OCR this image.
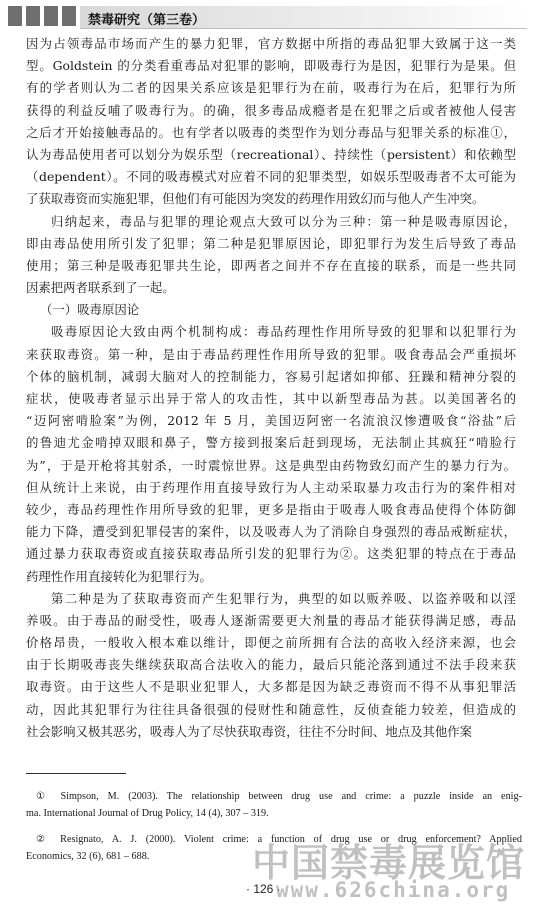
禁毒研究（第三卷）
因为占领毒品市场而产生的暴力犯罪，官方数据中所指的毒品犯罪大致属于这一类
型。Goldstein 的分类看重毒品对犯罪的影响，即吸毒行为是因，犯罪行为是果。但
有的学者则认为二者的因果关系应该是犯罪行为在前，吸毒行为在后，犯罪行为所
获得的利益反哺了吸毒行为。的确，很多毒品成瘾者是在犯罪之后或者被他人侵害
之后才开始接触毒品的。也有学者以吸毒的类型作为划分毒品与犯罪关系的标准①，
认为毒品使用者可以划分为娱乐型（recreational）、持续性（persistent）和依赖型
（dependent）。不同的吸毒模式对应着不同的犯罪类型，如娱乐型吸毒者不太可能为
了获取毒资而实施犯罪，但他们有可能因为突发的药理作用致幻而与他人产生冲突。
归纳起来，毒品与犯罪的理论观点大致可以分为三种：第一种是吸毒原因论，
即由毒品使用所引发了犯罪；第二种是犯罪原因论，即犯罪行为发生后导致了毒品
使用；第三种是吸毒犯罪共生论，即两者之间并不存在直接的联系，而是一些共同
因素把两者联系到了一起。
（一）吸毒原因论
吸毒原因论大致由两个机制构成：毒品药理性作用所导致的犯罪和以犯罪行为
来获取毒资。第一种，是由于毒品药理性作用所导致的犯罪。吸食毒品会严重损坏
个体的脑机制，减弱大脑对人的控制能力，容易引起诸如抑郁、狂躁和精神分裂的
症状，使吸毒者显示出异于常人的攻击性，其中以新型毒品为甚。以美国著名的
“迈阿密啃脸案”为例，2012 年 5 月，美国迈阿密一名流浪汉惨遭吸食“浴盐”后
的鲁迪尤金啃掉双眼和鼻子，警方接到报案后赶到现场，无法制止其疯狂“啃脸行
为”，于是开枪将其射杀，一时震惊世界。这是典型由药物致幻而产生的暴力行为。
但从统计上来说，由于药理作用直接导致行为人主动采取暴力攻击行为的案件相对
较少，毒品药理性作用所导致的犯罪，更多是指由于吸毒人吸食毒品使得个体防御
能力下降，遭受到犯罪侵害的案件，以及吸毒人为了消除自身强烈的毒品戒断症状，
通过暴力获取毒资或直接获取毒品所引发的犯罪行为②。这类犯罪的特点在于毒品
药理性作用直接转化为犯罪行为。
第二种是为了获取毒资而产生犯罪行为，典型的如以贩养吸、以盗养吸和以淫
养吸。由于毒品的耐受性，吸毒人逐渐需要更大剂量的毒品才能获得满足感，毒品
价格昂贵，一般收入根本难以维计，即便之前所拥有合法的高收入经济来源，也会
由于长期吸毒丧失继续获取高合法收入的能力，最后只能沦落到通过不法手段来获
取毒资。由于这些人不是职业犯罪人，大多都是因为缺乏毒资而不得不从事犯罪活
动，因此其犯罪行为往往具备很强的侵财性和随意性，反侦查能力较差，但造成的
社会影响又极其恶劣，吸毒人为了尽快获取毒资，往往不分时间、地点及其他作案
① Simpson, M. (2003). The relationship between drug use and crime: a puzzle inside an enig-
ma. International Journal of Drug Policy, 14 (4), 307 – 319.
② Resignato, A. J. (2000). Violent crime: a function of drug use or drug enforcement? Applied
Economics, 32 (6), 681 – 688.
· 126 ·
中国禁毒展览馆
www.626china.org
